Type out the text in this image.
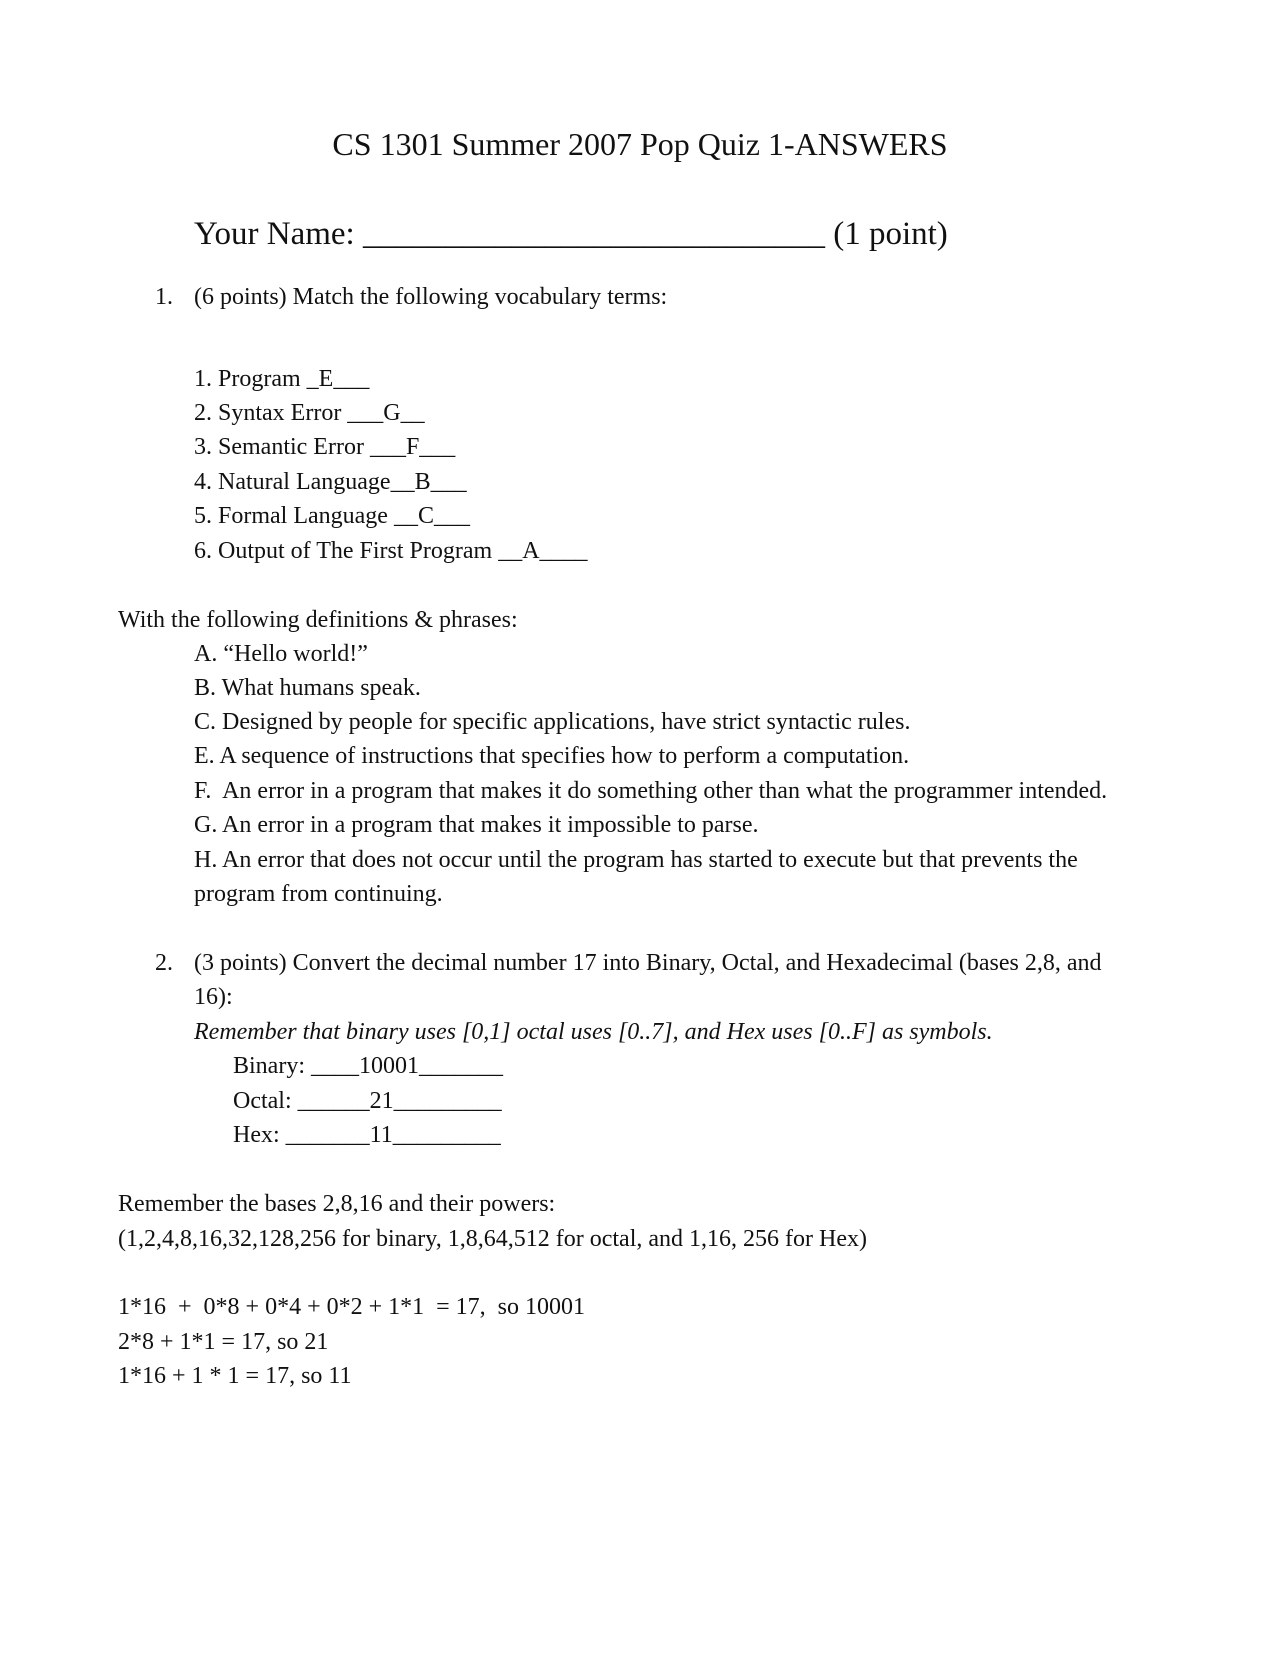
CS 1301 Summer 2007 Pop Quiz 1-ANSWERS
Your Name: ____________________________ (1 point)
1. (6 points) Match the following vocabulary terms:
1. Program _E___
2. Syntax Error ___G__
3. Semantic Error ___F___
4. Natural Language__B___
5. Formal Language __C___
6. Output of The First Program __A____
With the following definitions & phrases:
A. “Hello world!”
B. What humans speak.
C. Designed by people for specific applications, have strict syntactic rules.
E. A sequence of instructions that specifies how to perform a computation.
F.  An error in a program that makes it do something other than what the programmer intended.
G. An error in a program that makes it impossible to parse.
H. An error that does not occur until the program has started to execute but that prevents the
program from continuing.
2. (3 points) Convert the decimal number 17 into Binary, Octal, and Hexadecimal (bases 2,8, and
16):
Remember that binary uses [0,1] octal uses [0..7], and Hex uses [0..F] as symbols.
Binary: ____10001_______
Octal: ______21_________
Hex: _______11_________
Remember the bases 2,8,16 and their powers:
(1,2,4,8,16,32,128,256 for binary, 1,8,64,512 for octal, and 1,16, 256 for Hex)
1*16  +  0*8 + 0*4 + 0*2 + 1*1  = 17,  so 10001
2*8 + 1*1 = 17, so 21
1*16 + 1 * 1 = 17, so 11
